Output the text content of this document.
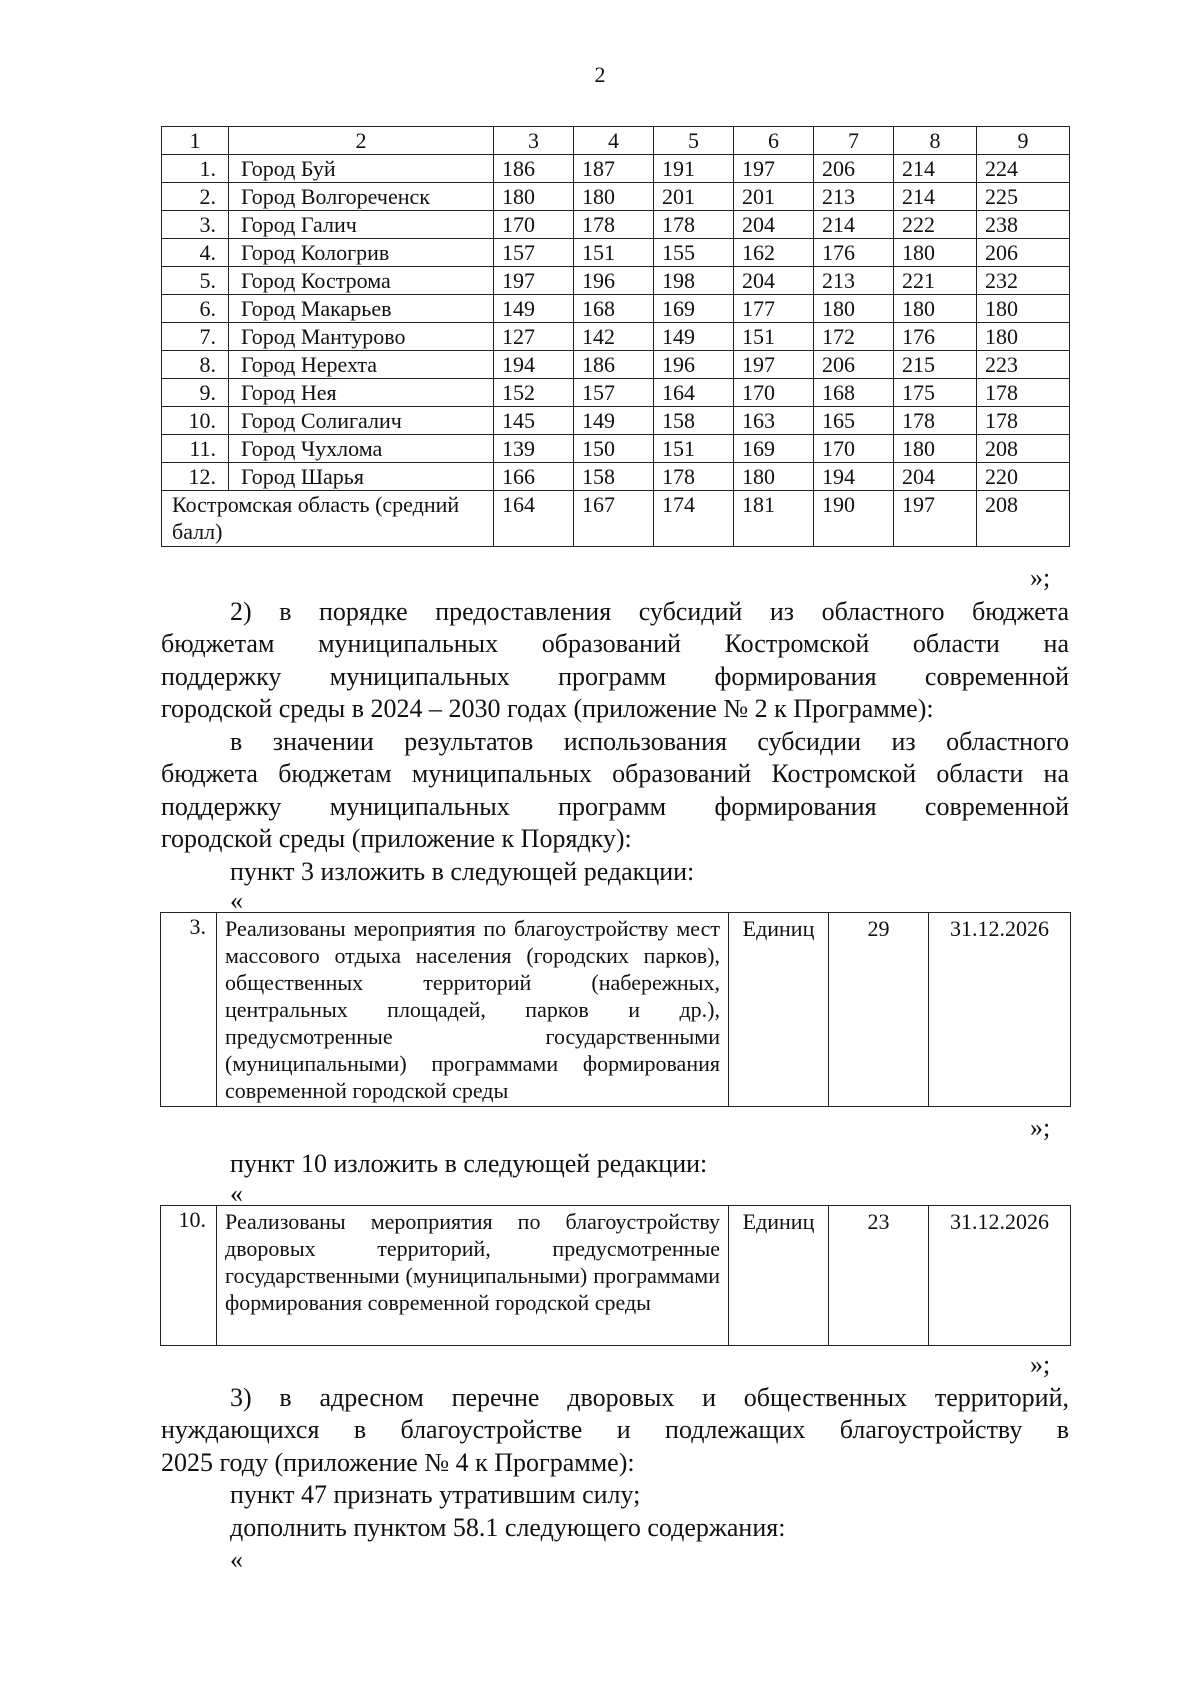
2
1	2	3	4	5	6	7	8	9
1.	Город Буй	186	187	191	197	206	214	224
2.	Город Волгореченск	180	180	201	201	213	214	225
3.	Город Галич	170	178	178	204	214	222	238
4.	Город Кологрив	157	151	155	162	176	180	206
5.	Город Кострома	197	196	198	204	213	221	232
6.	Город Макарьев	149	168	169	177	180	180	180
7.	Город Мантурово	127	142	149	151	172	176	180
8.	Город Нерехта	194	186	196	197	206	215	223
9.	Город Нея	152	157	164	170	168	175	178
10.	Город Солигалич	145	149	158	163	165	178	178
11.	Город Чухлома	139	150	151	169	170	180	208
12.	Город Шарья	166	158	178	180	194	204	220
Костромская область (средний балл)		164	167	174	181	190	197	208
»;
2) в порядке предоставления субсидий из областного бюджета
бюджетам муниципальных образований Костромской области на
поддержку муниципальных программ формирования современной
городской среды в 2024 – 2030 годах (приложение № 2 к Программе):
в значении результатов использования субсидии из областного
бюджета бюджетам муниципальных образований Костромской области на
поддержку муниципальных программ формирования современной
городской среды (приложение к Порядку):
пункт 3 изложить в следующей редакции:
«
3.	Реализованы мероприятия по благоустройству мест массового отдыха населения (городских парков), общественных территорий (набережных, центральных площадей, парков и др.), предусмотренные государственными (муниципальными) программами формирования современной городской среды	Единиц	29	31.12.2026
»;
пункт 10 изложить в следующей редакции:
«
10.	Реализованы мероприятия по благоустройству дворовых территорий, предусмотренные государственными (муниципальными) программами формирования современной городской среды	Единиц	23	31.12.2026
»;
3) в адресном перечне дворовых и общественных территорий,
нуждающихся в благоустройстве и подлежащих благоустройству в
2025 году (приложение № 4 к Программе):
пункт 47 признать утратившим силу;
дополнить пунктом 58.1 следующего содержания:
«
